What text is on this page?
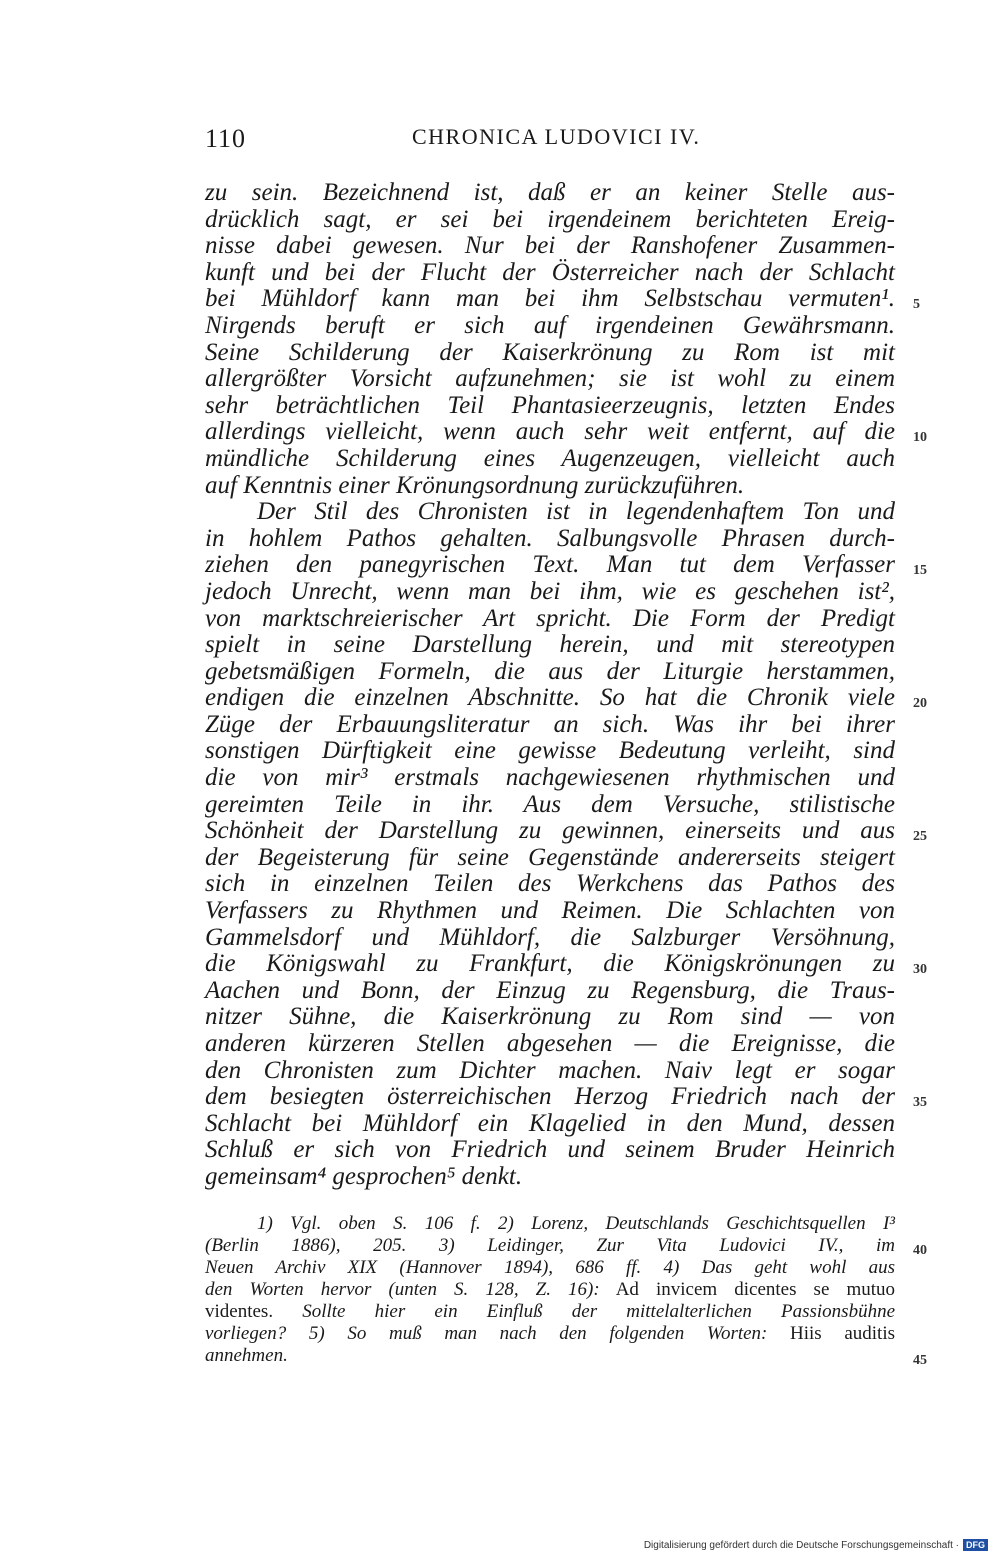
110	CHRONICA LUDOVICI IV.
zu sein. Bezeichnend ist, daß er an keiner Stelle aus-
drücklich sagt, er sei bei irgendeinem berichteten Ereig-
nisse dabei gewesen. Nur bei der Ranshofener Zusammen-
kunft und bei der Flucht der Österreicher nach der Schlacht
bei Mühldorf kann man bei ihm Selbstschau vermuten¹.
Nirgends beruft er sich auf irgendeinen Gewährsmann.
Seine Schilderung der Kaiserkrönung zu Rom ist mit
allergrößter Vorsicht aufzunehmen; sie ist wohl zu einem
sehr beträchtlichen Teil Phantasieerzeugnis, letzten Endes
allerdings vielleicht, wenn auch sehr weit entfernt, auf die
mündliche Schilderung eines Augenzeugen, vielleicht auch
auf Kenntnis einer Krönungsordnung zurückzuführen.
Der Stil des Chronisten ist in legendenhaftem Ton und
in hohlem Pathos gehalten. Salbungsvolle Phrasen durch-
ziehen den panegyrischen Text. Man tut dem Verfasser
jedoch Unrecht, wenn man bei ihm, wie es geschehen ist²,
von marktschreierischer Art spricht. Die Form der Predigt
spielt in seine Darstellung herein, und mit stereotypen
gebetsmäßigen Formeln, die aus der Liturgie herstammen,
endigen die einzelnen Abschnitte. So hat die Chronik viele
Züge der Erbauungsliteratur an sich. Was ihr bei ihrer
sonstigen Dürftigkeit eine gewisse Bedeutung verleiht, sind
die von mir³ erstmals nachgewiesenen rhythmischen und
gereimten Teile in ihr. Aus dem Versuche, stilistische
Schönheit der Darstellung zu gewinnen, einerseits und aus
der Begeisterung für seine Gegenstände andererseits steigert
sich in einzelnen Teilen des Werkchens das Pathos des
Verfassers zu Rhythmen und Reimen. Die Schlachten von
Gammelsdorf und Mühldorf, die Salzburger Versöhnung,
die Königswahl zu Frankfurt, die Königskrönungen zu
Aachen und Bonn, der Einzug zu Regensburg, die Traus-
nitzer Sühne, die Kaiserkrönung zu Rom sind — von
anderen kürzeren Stellen abgesehen — die Ereignisse, die
den Chronisten zum Dichter machen. Naiv legt er sogar
dem besiegten österreichischen Herzog Friedrich nach der
Schlacht bei Mühldorf ein Klagelied in den Mund, dessen
Schluß er sich von Friedrich und seinem Bruder Heinrich
gemeinsam⁴ gesprochen⁵ denkt.
1) Vgl. oben S. 106 f. 2) Lorenz, Deutschlands Geschichtsquellen I³
(Berlin 1886), 205. 3) Leidinger, Zur Vita Ludovici IV., im
Neuen Archiv XIX (Hannover 1894), 686 ff. 4) Das geht wohl aus
den Worten hervor (unten S. 128, Z. 16): Ad invicem dicentes se mutuo
videntes. Sollte hier ein Einfluß der mittelalterlichen Passionsbühne
vorliegen? 5) So muß man nach den folgenden Worten: Hiis auditis
annehmen.
5
10
15
20
25
30
35
40
45
Digitalisierung gefördert durch die Deutsche Forschungsgemeinschaft · DFG
